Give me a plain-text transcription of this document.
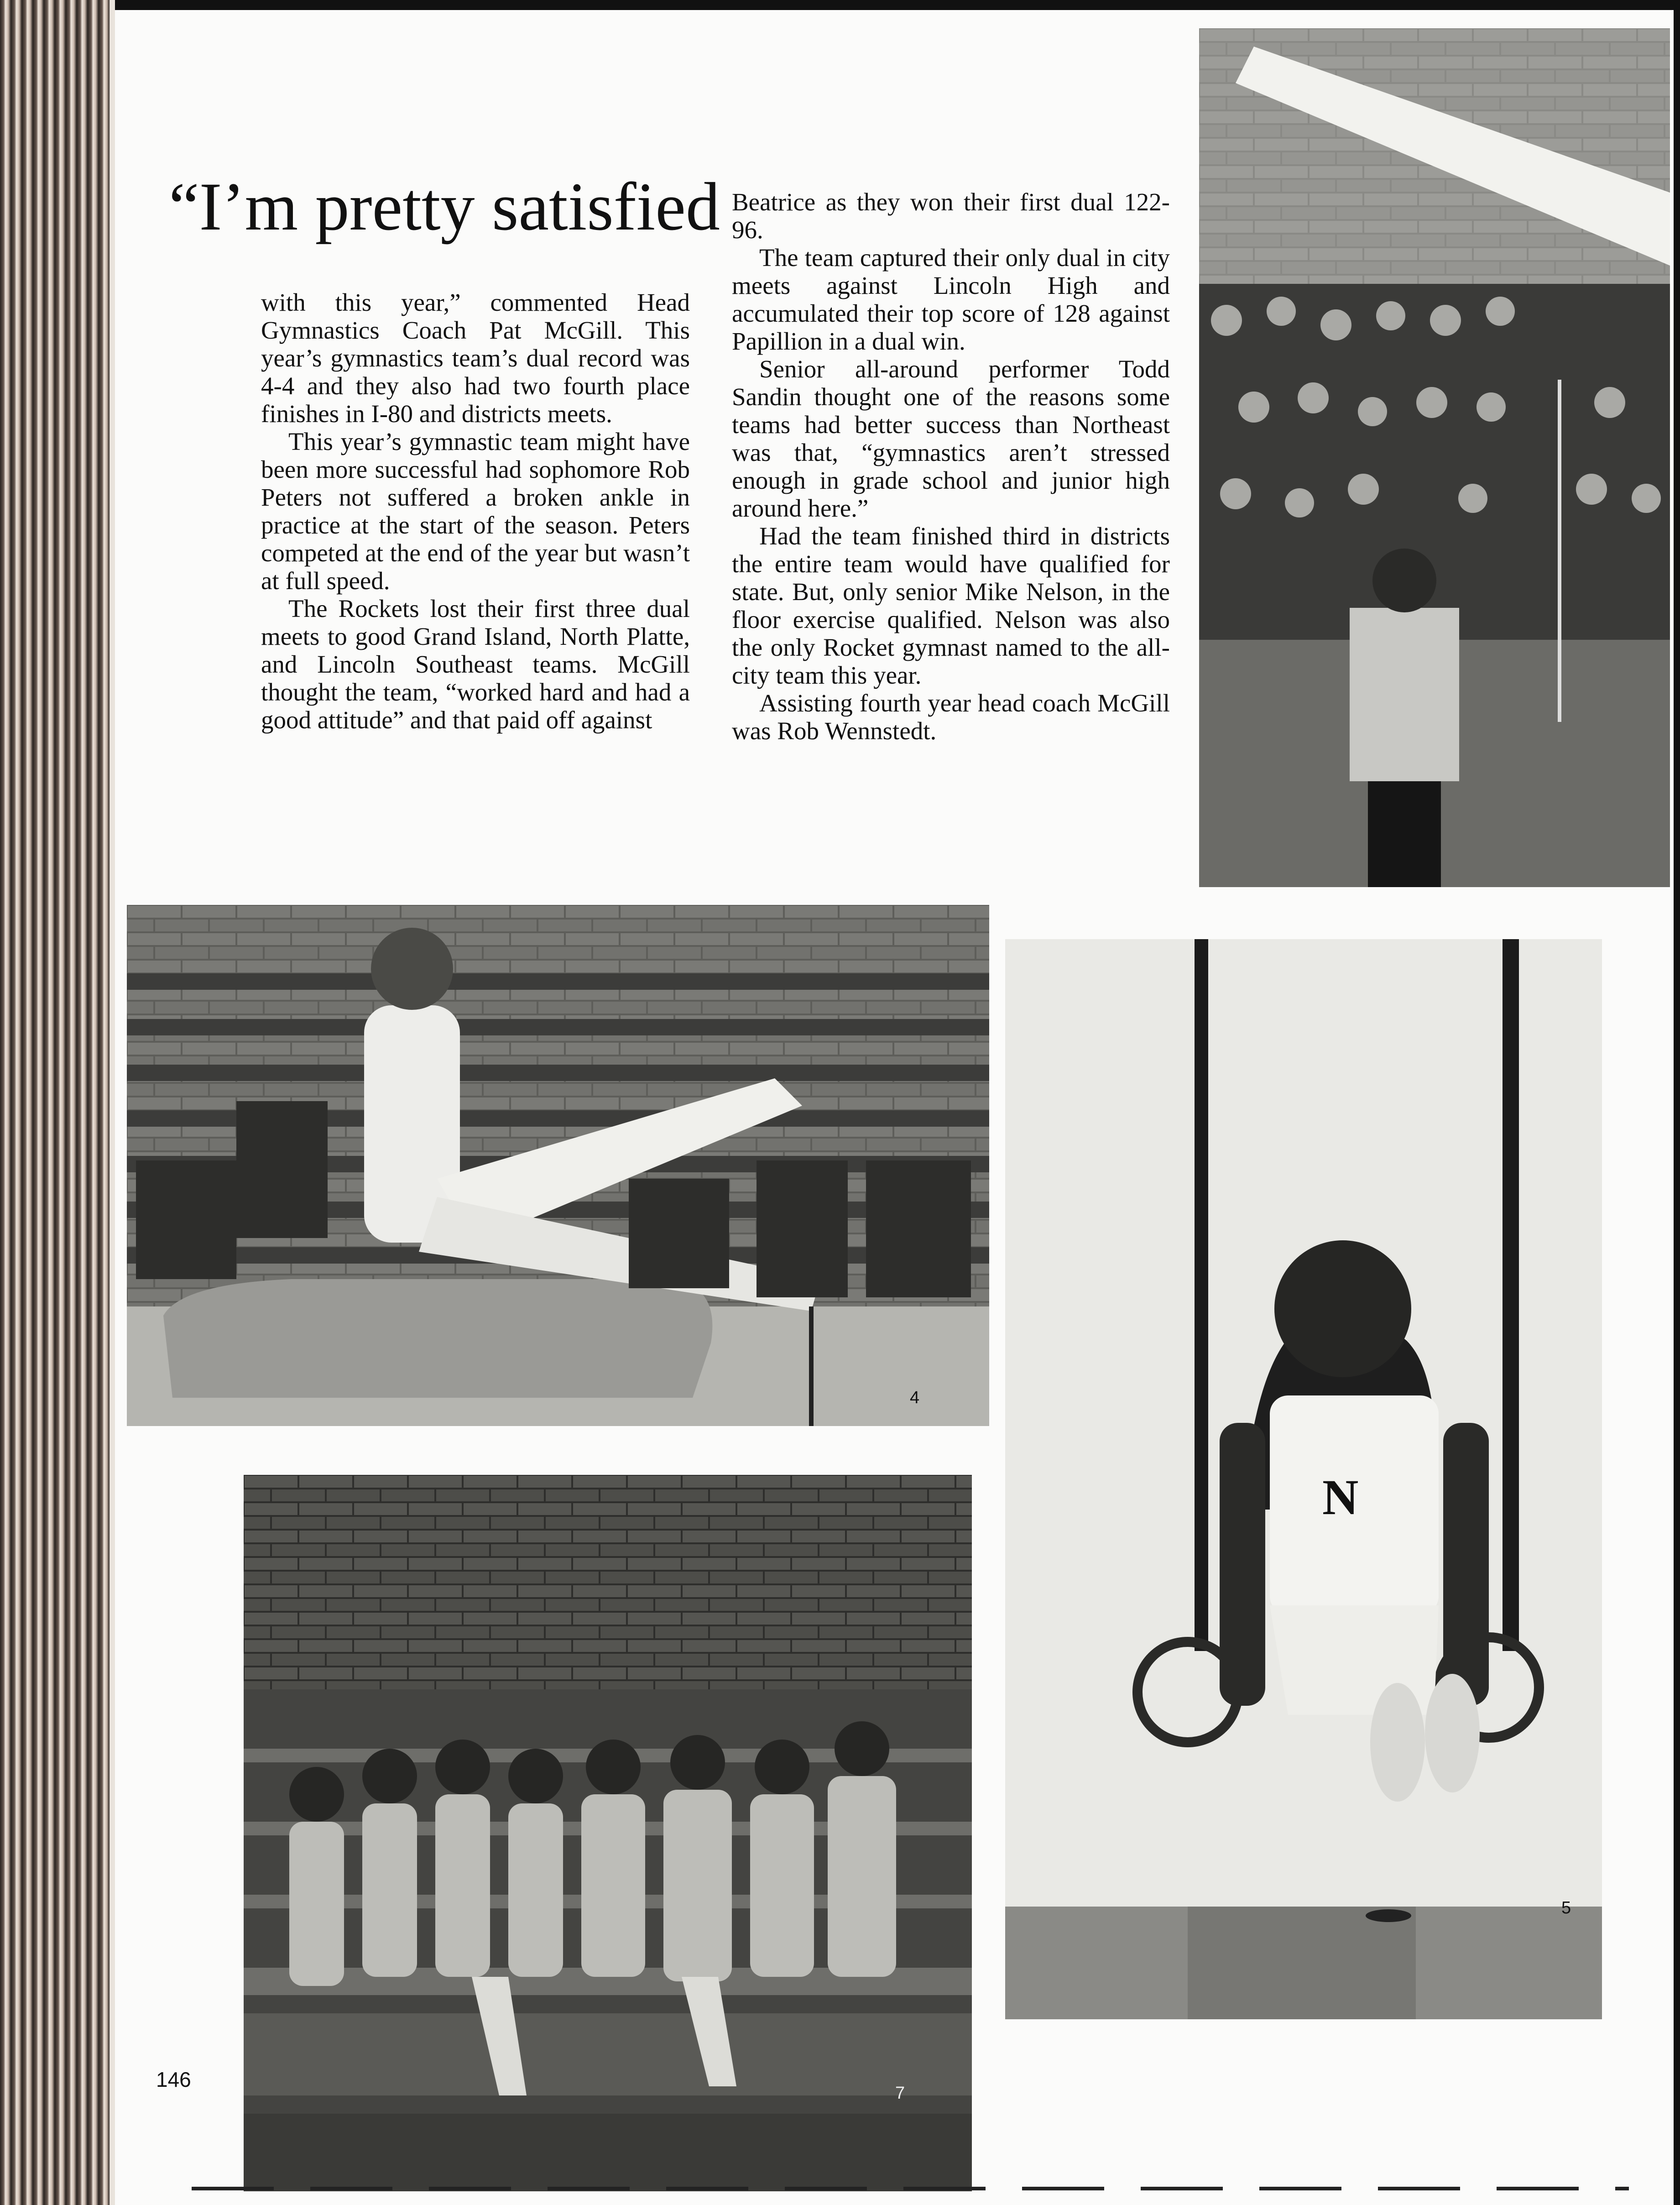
“I’m pretty satisfied

with this year,” commented Head Gymnastics Coach Pat McGill. This year’s gymnastics team’s dual record was 4-4 and they also had two fourth place finishes in I-80 and districts meets.

This year’s gymnastic team might have been more successful had sophomore Rob Peters not suffered a broken ankle in practice at the start of the season. Peters competed at the end of the year but wasn’t at full speed.

The Rockets lost their first three dual meets to good Grand Island, North Platte, and Lincoln Southeast teams. McGill thought the team, “worked hard and had a good attitude” and that paid off against

Beatrice as they won their first dual 122-96.

The team captured their only dual in city meets against Lincoln High and accumulated their top score of 128 against Papillion in a dual win.

Senior all-around performer Todd Sandin thought one of the reasons some teams had better success than Northeast was that, “gymnastics aren’t stressed enough in grade school and junior high around here.”

Had the team finished third in districts the entire team would have qualified for state. But, only senior Mike Nelson, in the floor exercise qualified. Nelson was also the only Rocket gymnast named to the all-city team this year.

Assisting fourth year head coach McGill was Rob Wennstedt.

4
N
5
7
146
